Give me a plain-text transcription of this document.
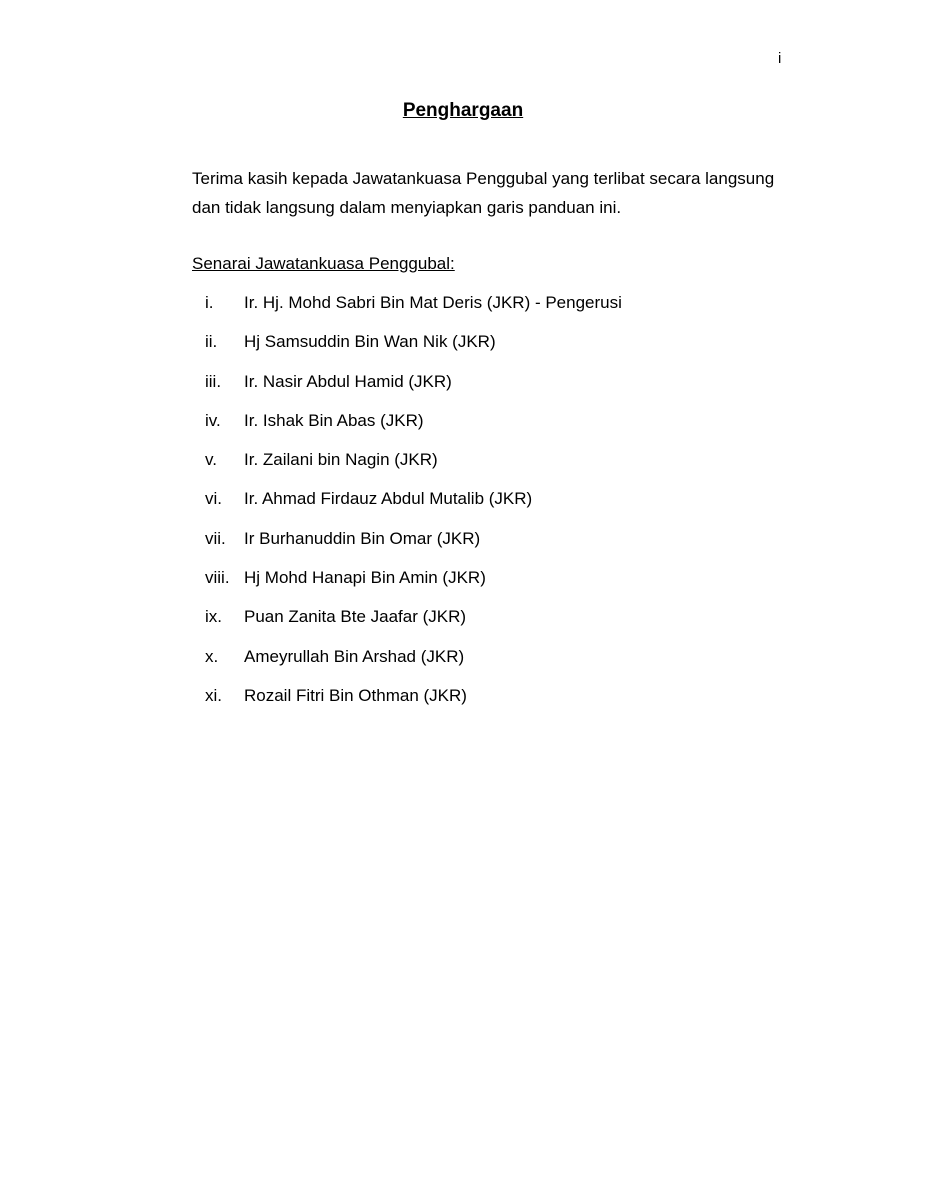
i
Penghargaan

Terima kasih kepada Jawatankuasa Penggubal yang terlibat secara langsung dan tidak langsung dalam menyiapkan garis panduan ini.

Senarai Jawatankuasa Penggubal:

i. Ir. Hj. Mohd Sabri Bin Mat Deris (JKR) - Pengerusi
ii. Hj Samsuddin Bin Wan Nik (JKR)
iii. Ir. Nasir Abdul Hamid (JKR)
iv. Ir. Ishak Bin Abas (JKR)
v. Ir. Zailani bin Nagin (JKR)
vi. Ir. Ahmad Firdauz Abdul Mutalib (JKR)
vii. Ir Burhanuddin Bin Omar (JKR)
viii. Hj Mohd Hanapi Bin Amin (JKR)
ix. Puan Zanita Bte Jaafar (JKR)
x. Ameyrullah Bin Arshad (JKR)
xi. Rozail Fitri Bin Othman (JKR)
